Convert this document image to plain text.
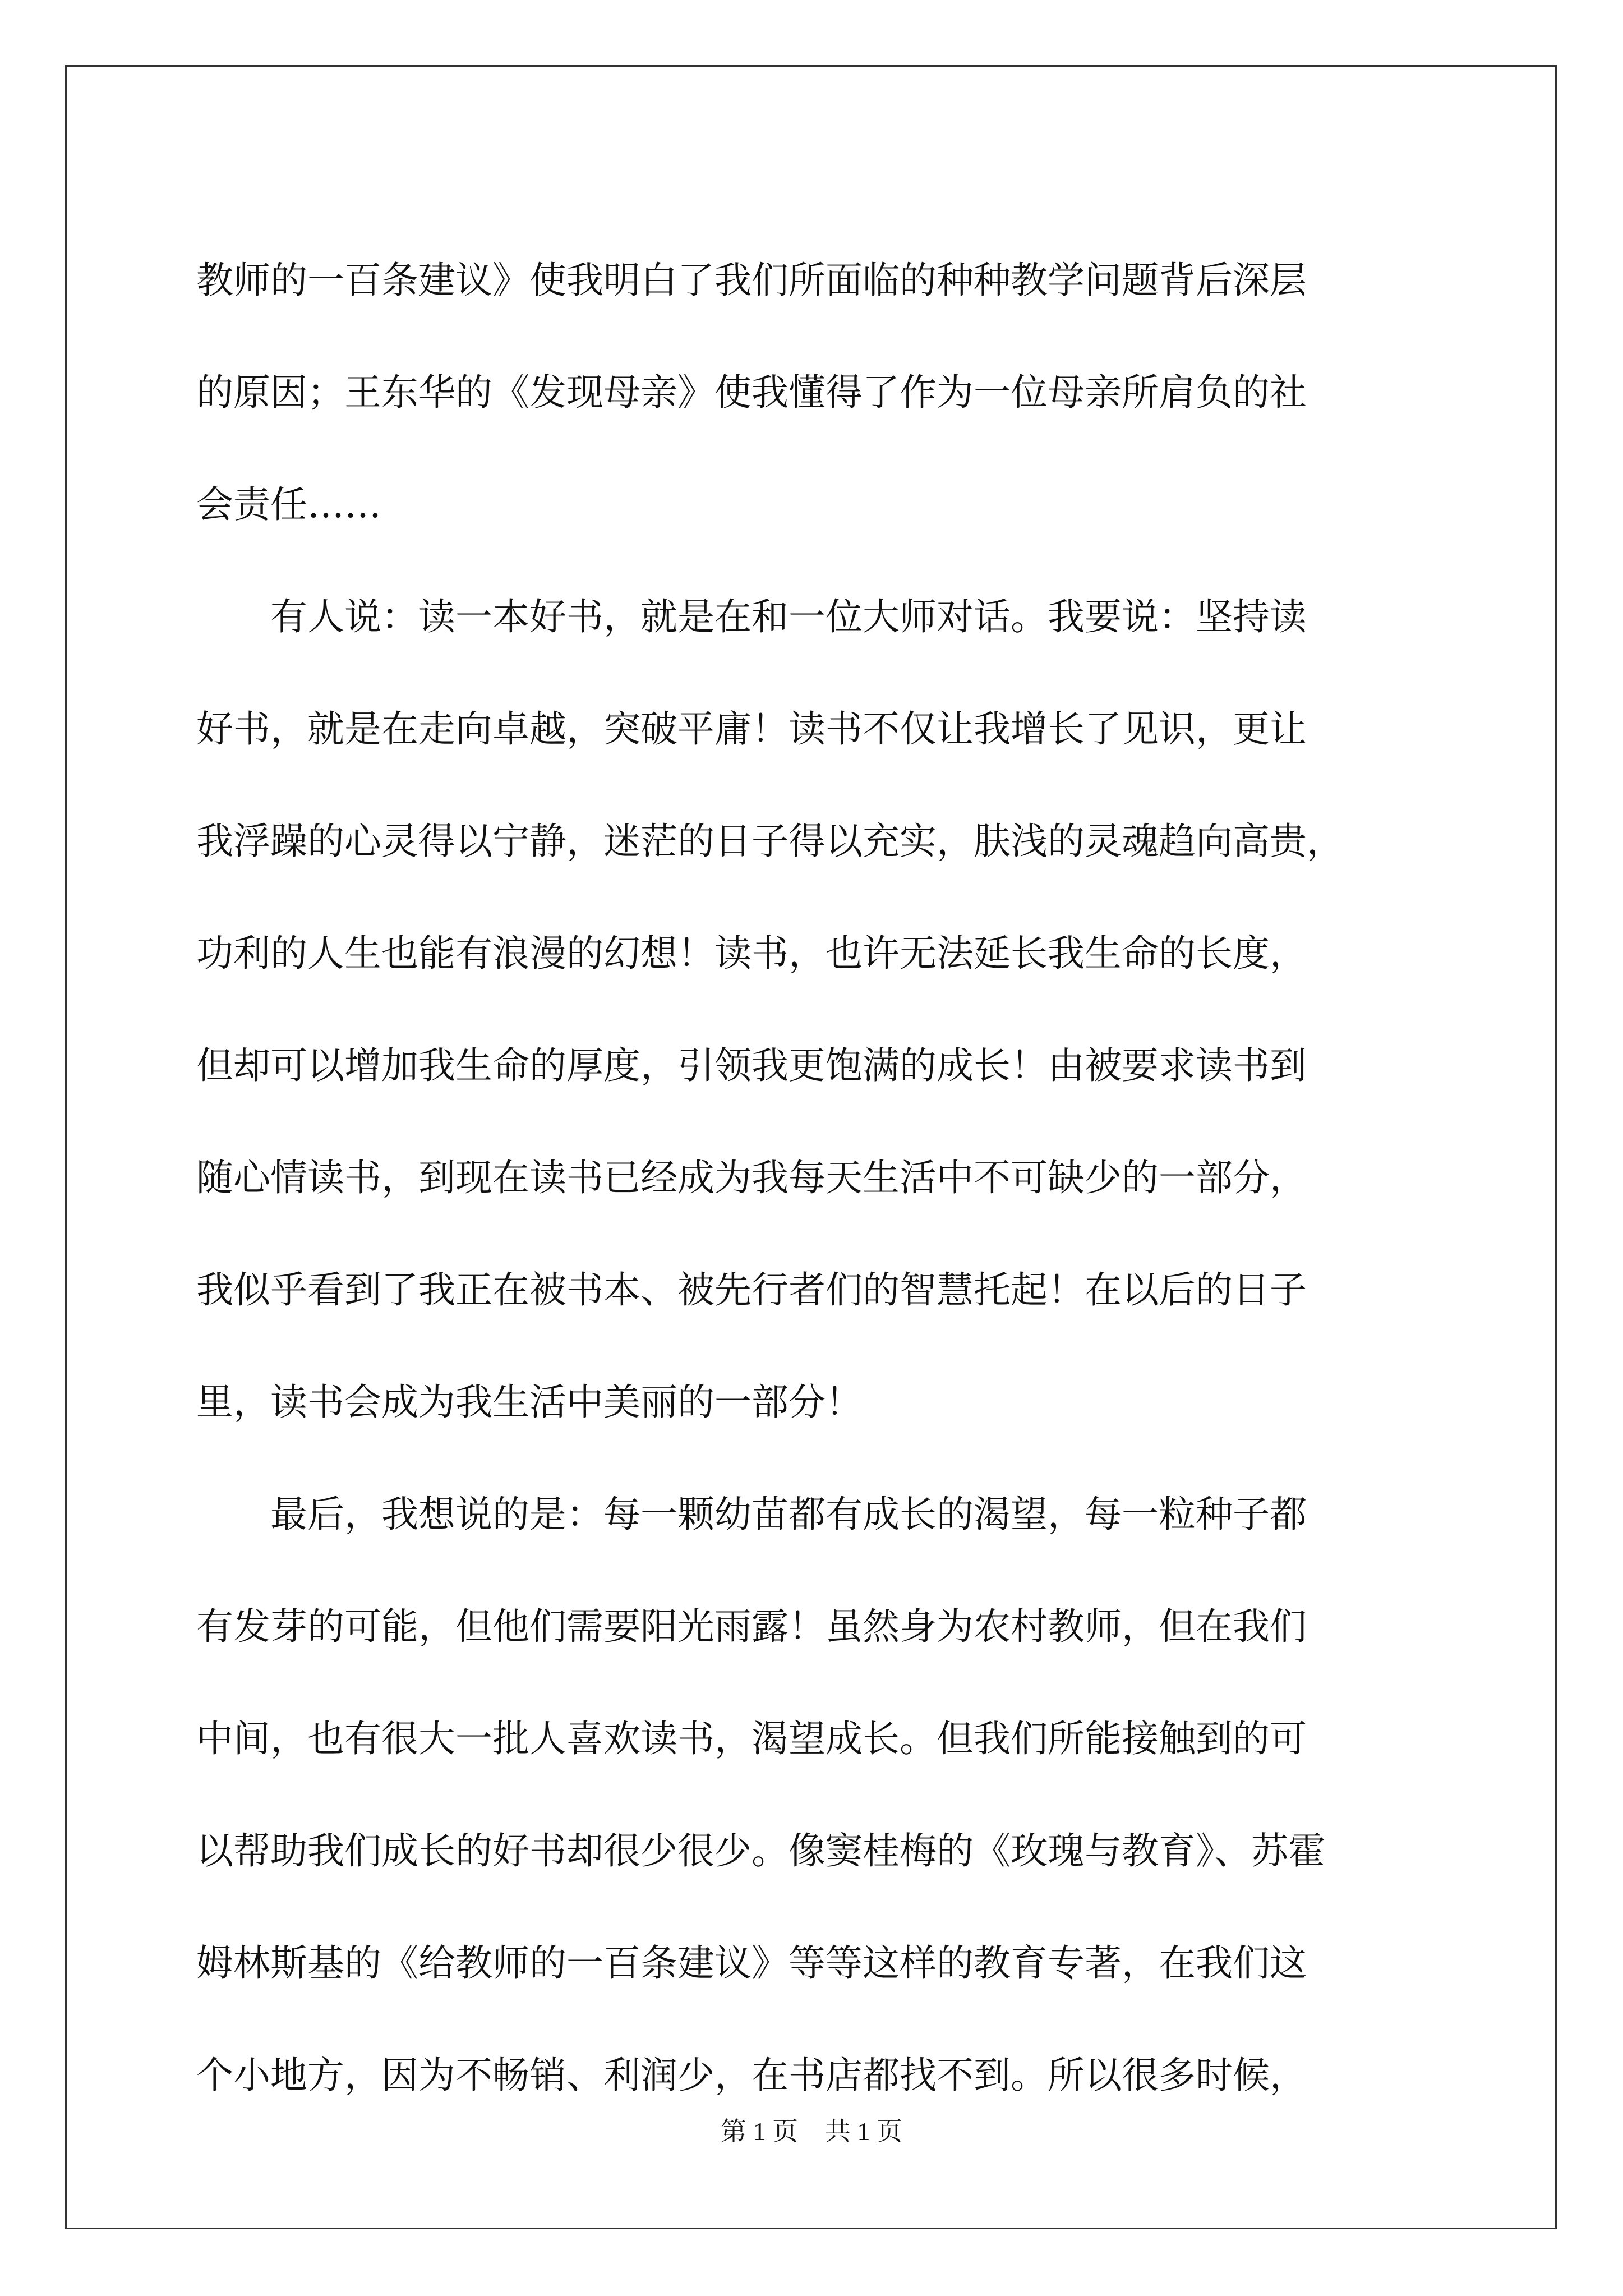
教师的一百条建议》使我明白了我们所面临的种种教学问题背后深层
的原因；王东华的《发现母亲》使我懂得了作为一位母亲所肩负的社
会责任……
有人说：读一本好书，就是在和一位大师对话。我要说：坚持读
好书，就是在走向卓越，突破平庸！读书不仅让我增长了见识，更让
我浮躁的心灵得以宁静，迷茫的日子得以充实，肤浅的灵魂趋向高贵，
功利的人生也能有浪漫的幻想！读书，也许无法延长我生命的长度，
但却可以增加我生命的厚度，引领我更饱满的成长！由被要求读书到
随心情读书，到现在读书已经成为我每天生活中不可缺少的一部分，
我似乎看到了我正在被书本、被先行者们的智慧托起！在以后的日子
里，读书会成为我生活中美丽的一部分！
最后，我想说的是：每一颗幼苗都有成长的渴望，每一粒种子都
有发芽的可能，但他们需要阳光雨露！虽然身为农村教师，但在我们
中间，也有很大一批人喜欢读书，渴望成长。但我们所能接触到的可
以帮助我们成长的好书却很少很少。像窦桂梅的《玫瑰与教育》、苏霍
姆林斯基的《给教师的一百条建议》等等这样的教育专著，在我们这
个小地方，因为不畅销、利润少，在书店都找不到。所以很多时候，
第 1 页 共 1 页
